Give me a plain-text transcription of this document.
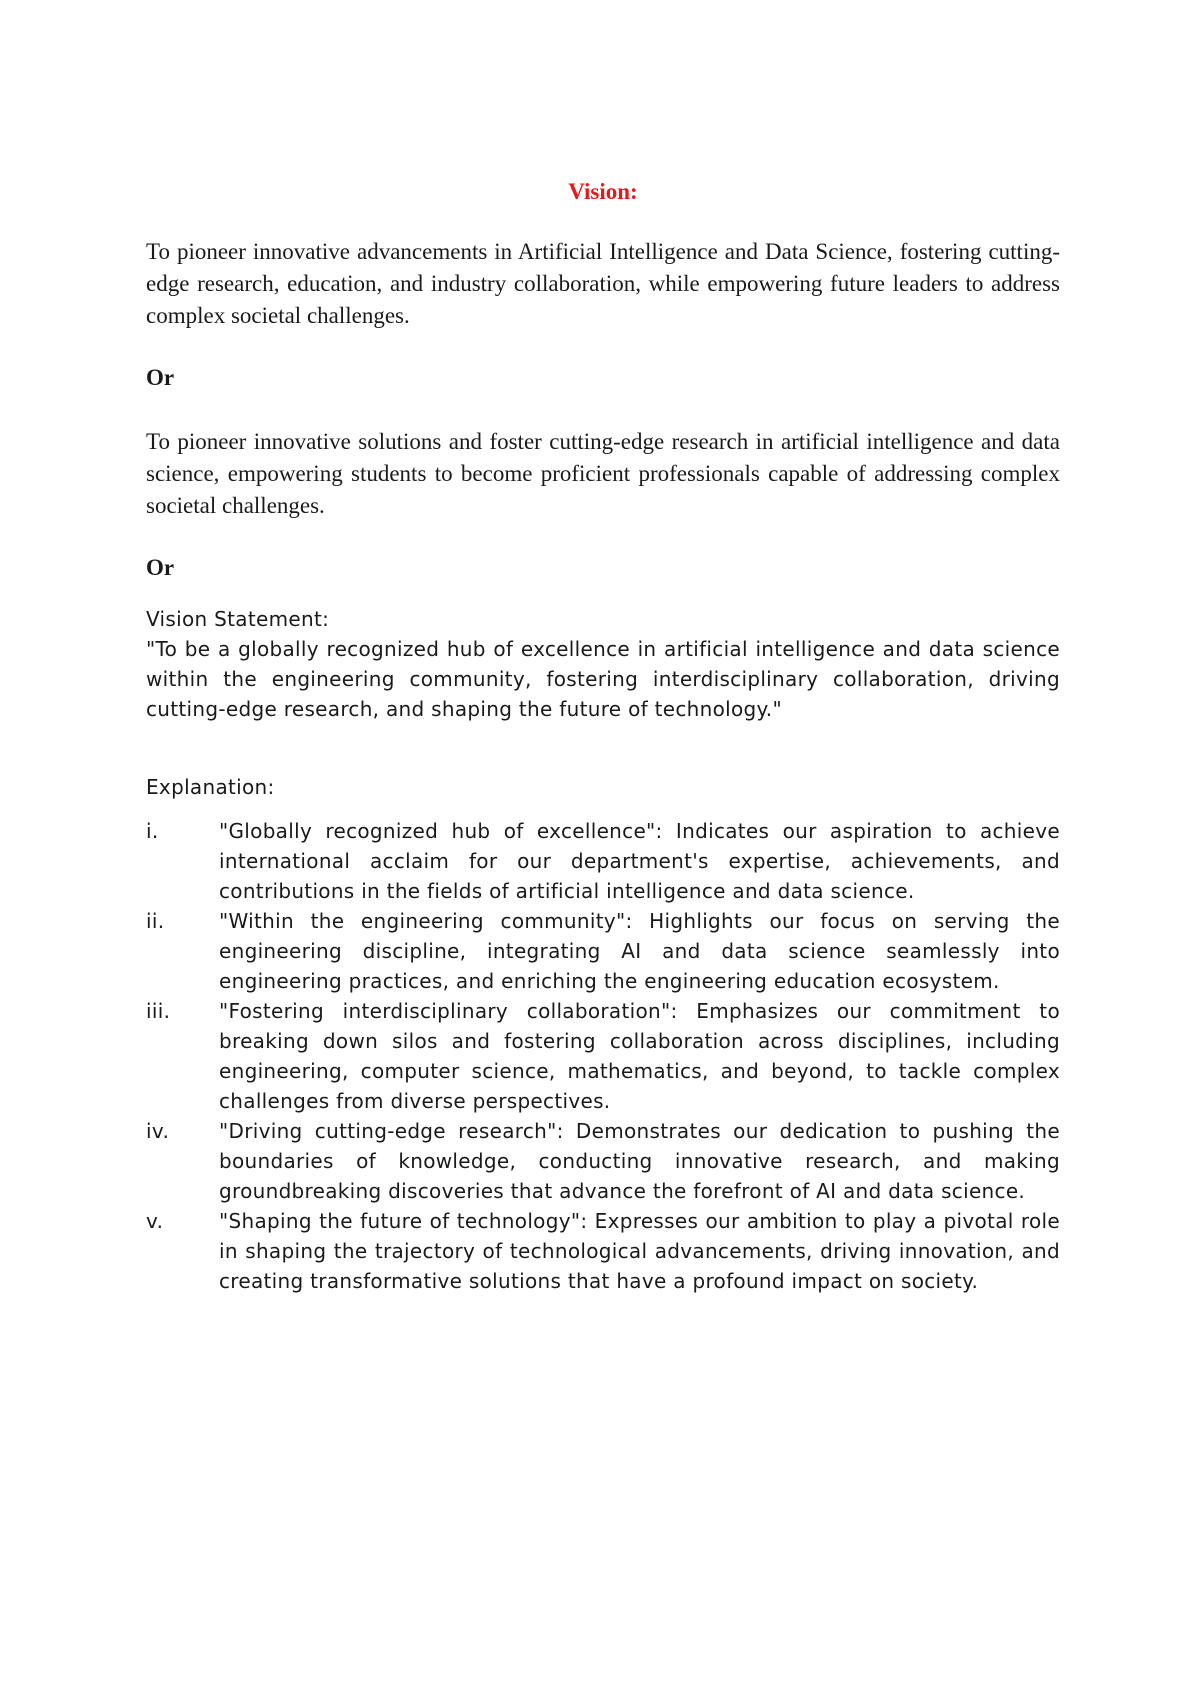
Vision:

To pioneer innovative advancements in Artificial Intelligence and Data Science, fostering cutting-edge research, education, and industry collaboration, while empowering future leaders to address complex societal challenges.

Or

To pioneer innovative solutions and foster cutting-edge research in artificial intelligence and data science, empowering students to become proficient professionals capable of addressing complex societal challenges.

Or

Vision Statement:

"To be a globally recognized hub of excellence in artificial intelligence and data science within the engineering community, fostering interdisciplinary collaboration, driving cutting-edge research, and shaping the future of technology."

Explanation:

i.	"Globally recognized hub of excellence": Indicates our aspiration to achieve international acclaim for our department's expertise, achievements, and contributions in the fields of artificial intelligence and data science.
ii.	"Within the engineering community": Highlights our focus on serving the engineering discipline, integrating AI and data science seamlessly into engineering practices, and enriching the engineering education ecosystem.
iii.	"Fostering interdisciplinary collaboration": Emphasizes our commitment to breaking down silos and fostering collaboration across disciplines, including engineering, computer science, mathematics, and beyond, to tackle complex challenges from diverse perspectives.
iv.	"Driving cutting-edge research": Demonstrates our dedication to pushing the boundaries of knowledge, conducting innovative research, and making groundbreaking discoveries that advance the forefront of AI and data science.
v.	"Shaping the future of technology": Expresses our ambition to play a pivotal role in shaping the trajectory of technological advancements, driving innovation, and creating transformative solutions that have a profound impact on society.
